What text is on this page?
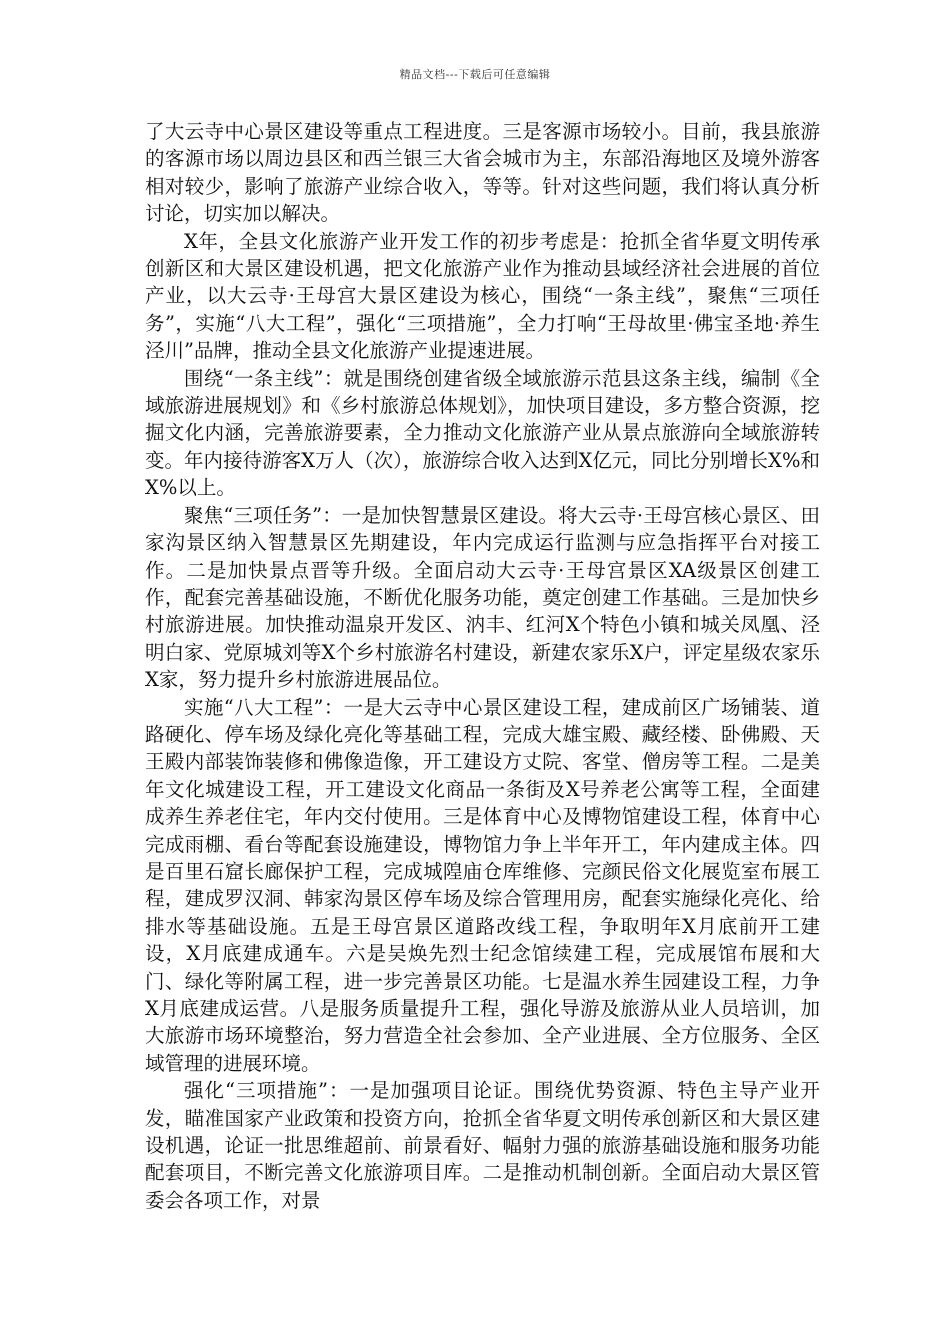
精品文档---下载后可任意编辑

了大云寺中心景区建设等重点工程进度。三是客源市场较小。目前，我县旅游的客源市场以周边县区和西兰银三大省会城市为主，东部沿海地区及境外游客相对较少，影响了旅游产业综合收入，等等。针对这些问题，我们将认真分析讨论，切实加以解决。

X年，全县文化旅游产业开发工作的初步考虑是：抢抓全省华夏文明传承创新区和大景区建设机遇，把文化旅游产业作为推动县域经济社会进展的首位产业，以大云寺·王母宫大景区建设为核心，围绕“一条主线”，聚焦“三项任务”，实施“八大工程”，强化“三项措施”，全力打响“王母故里·佛宝圣地·养生泾川”品牌，推动全县文化旅游产业提速进展。

围绕“一条主线”：就是围绕创建省级全域旅游示范县这条主线，编制《全域旅游进展规划》和《乡村旅游总体规划》，加快项目建设，多方整合资源，挖掘文化内涵，完善旅游要素，全力推动文化旅游产业从景点旅游向全域旅游转变。年内接待游客X万人（次），旅游综合收入达到X亿元，同比分别增长X%和X%以上。

聚焦“三项任务”：一是加快智慧景区建设。将大云寺·王母宫核心景区、田家沟景区纳入智慧景区先期建设，年内完成运行监测与应急指挥平台对接工作。二是加快景点晋等升级。全面启动大云寺·王母宫景区XA级景区创建工作，配套完善基础设施，不断优化服务功能，奠定创建工作基础。三是加快乡村旅游进展。加快推动温泉开发区、汭丰、红河X个特色小镇和城关凤凰、泾明白家、党原城刘等X个乡村旅游名村建设，新建农家乐X户，评定星级农家乐X家，努力提升乡村旅游进展品位。

实施“八大工程”：一是大云寺中心景区建设工程，建成前区广场铺装、道路硬化、停车场及绿化亮化等基础工程，完成大雄宝殿、藏经楼、卧佛殿、天王殿内部装饰装修和佛像造像，开工建设方丈院、客堂、僧房等工程。二是美年文化城建设工程，开工建设文化商品一条街及X号养老公寓等工程，全面建成养生养老住宅，年内交付使用。三是体育中心及博物馆建设工程，体育中心完成雨棚、看台等配套设施建设，博物馆力争上半年开工，年内建成主体。四是百里石窟长廊保护工程，完成城隍庙仓库维修、完颜民俗文化展览室布展工程，建成罗汉洞、韩家沟景区停车场及综合管理用房，配套实施绿化亮化、给排水等基础设施。五是王母宫景区道路改线工程，争取明年X月底前开工建设，X月底建成通车。六是吴焕先烈士纪念馆续建工程，完成展馆布展和大门、绿化等附属工程，进一步完善景区功能。七是温水养生园建设工程，力争X月底建成运营。八是服务质量提升工程，强化导游及旅游从业人员培训，加大旅游市场环境整治，努力营造全社会参加、全产业进展、全方位服务、全区域管理的进展环境。

强化“三项措施”：一是加强项目论证。围绕优势资源、特色主导产业开发，瞄准国家产业政策和投资方向，抢抓全省华夏文明传承创新区和大景区建设机遇，论证一批思维超前、前景看好、幅射力强的旅游基础设施和服务功能配套项目，不断完善文化旅游项目库。二是推动机制创新。全面启动大景区管委会各项工作，对景
